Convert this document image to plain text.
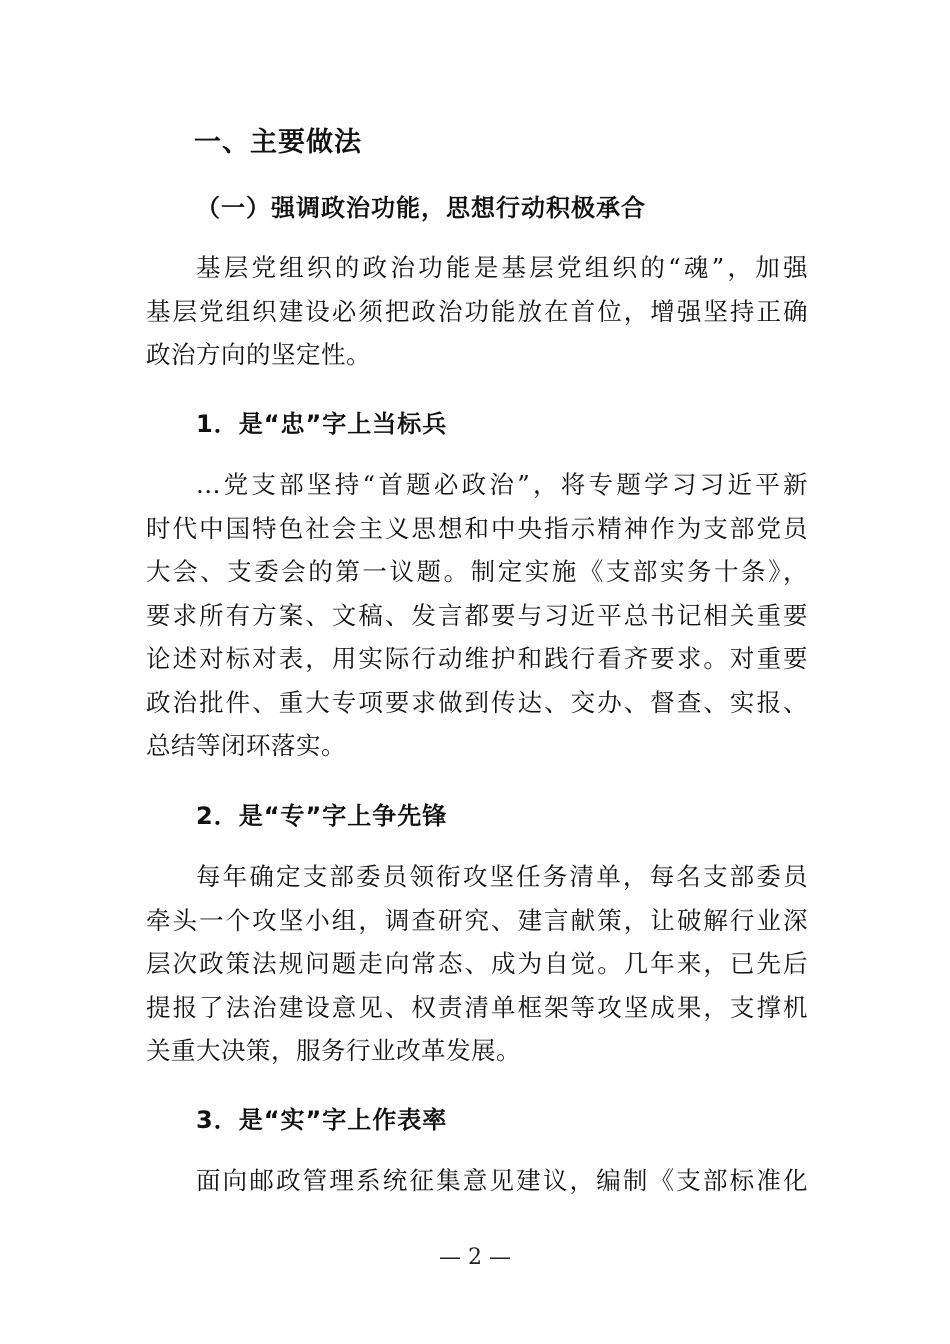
一、主要做法
（一）强调政治功能，思想行动积极承合
基层党组织的政治功能是基层党组织的“魂”，加强
基层党组织建设必须把政治功能放在首位，增强坚持正确
政治方向的坚定性。
1．是“忠”字上当标兵
...党支部坚持“首题必政治”，将专题学习习近平新
时代中国特色社会主义思想和中央指示精神作为支部党员
大会、支委会的第一议题。制定实施《支部实务十条》，
要求所有方案、文稿、发言都要与习近平总书记相关重要
论述对标对表，用实际行动维护和践行看齐要求。对重要
政治批件、重大专项要求做到传达、交办、督查、实报、
总结等闭环落实。
2．是“专”字上争先锋
每年确定支部委员领衔攻坚任务清单，每名支部委员
牵头一个攻坚小组，调查研究、建言献策，让破解行业深
层次政策法规问题走向常态、成为自觉。几年来，已先后
提报了法治建设意见、权责清单框架等攻坚成果，支撑机
关重大决策，服务行业改革发展。
3．是“实”字上作表率
面向邮政管理系统征集意见建议，编制《支部标准化
— 2 —
